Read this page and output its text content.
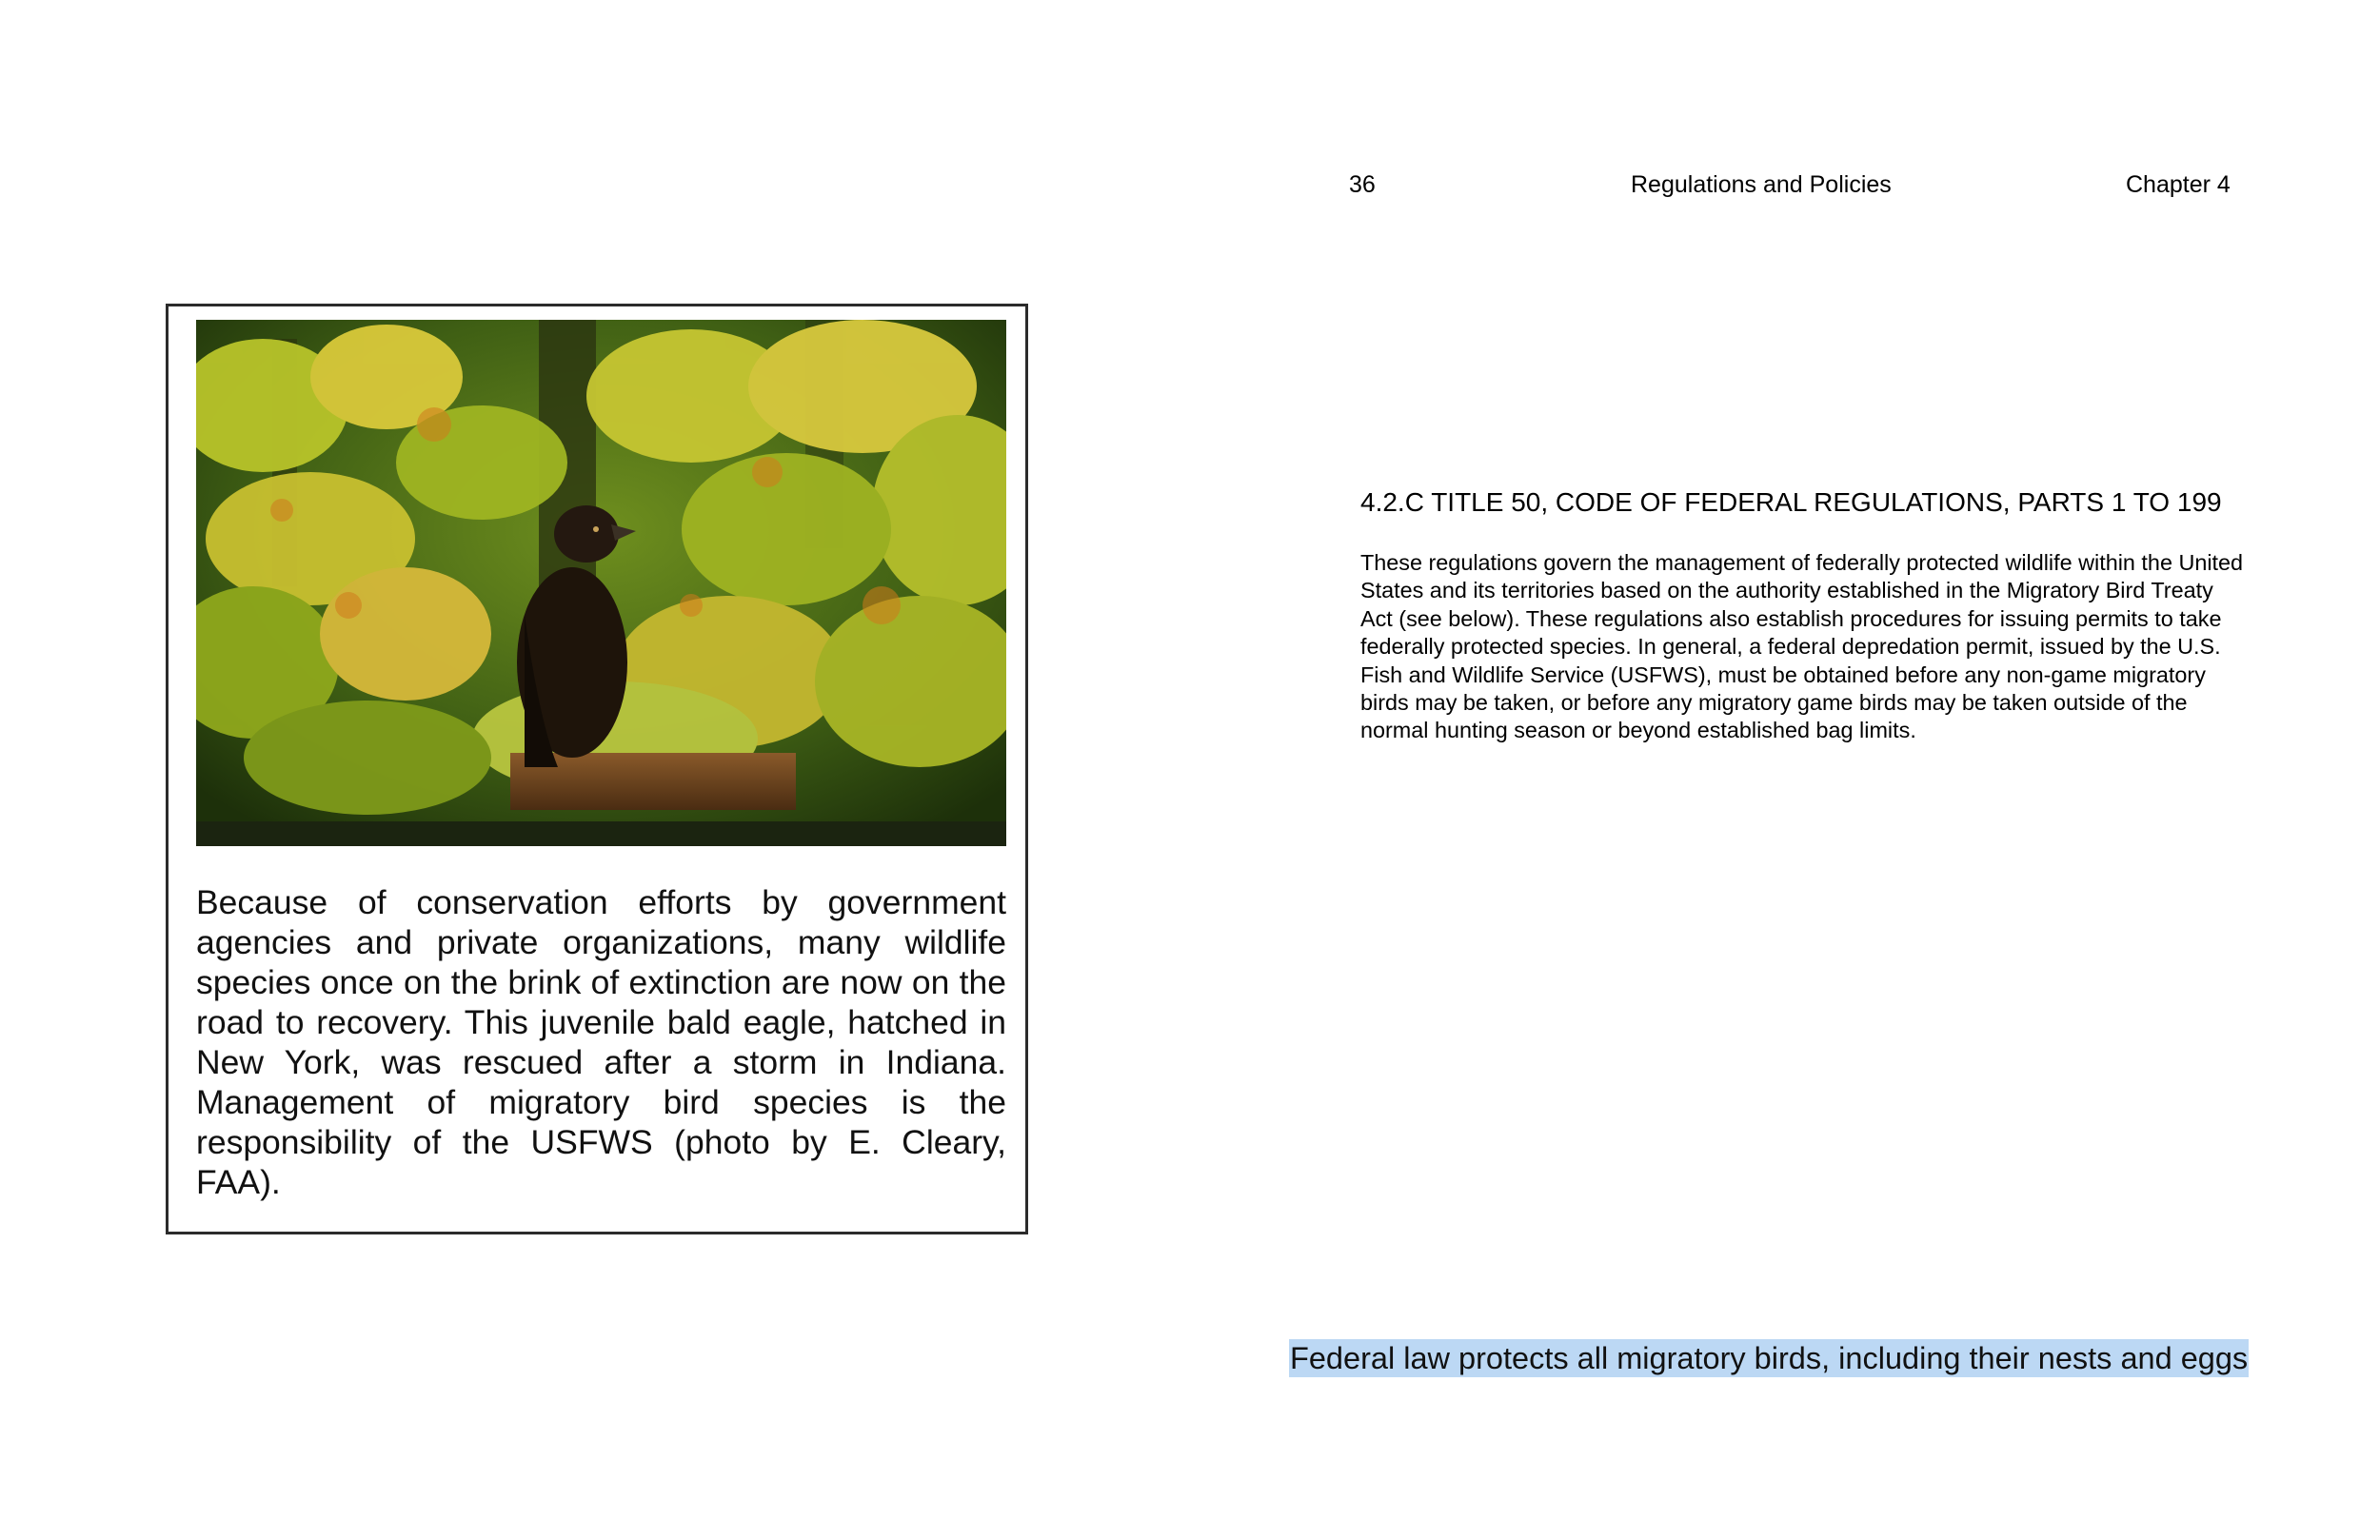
36	Regulations and Policies	Chapter 4
Because of conservation efforts by government agencies and private organizations, many wildlife species once on the brink of extinction are now on the road to recovery. This juvenile bald eagle, hatched in New York, was rescued after a storm in Indiana. Management of migratory bird species is the responsibility of the USFWS (photo by E. Cleary, FAA).
4.2.C TITLE 50, CODE OF FEDERAL REGULATIONS, PARTS 1 TO 199
These regulations govern the management of federally protected wildlife within the United States and its territories based on the authority established in the Migratory Bird Treaty Act (see below). These regulations also establish procedures for issuing permits to take federally protected species. In general, a federal depredation permit, issued by the U.S. Fish and Wildlife Service (USFWS), must be obtained before any non-game migratory birds may be taken, or before any migratory game birds may be taken outside of the normal hunting season or beyond established bag limits.
Federal law protects all migratory birds, including their nests and eggs
